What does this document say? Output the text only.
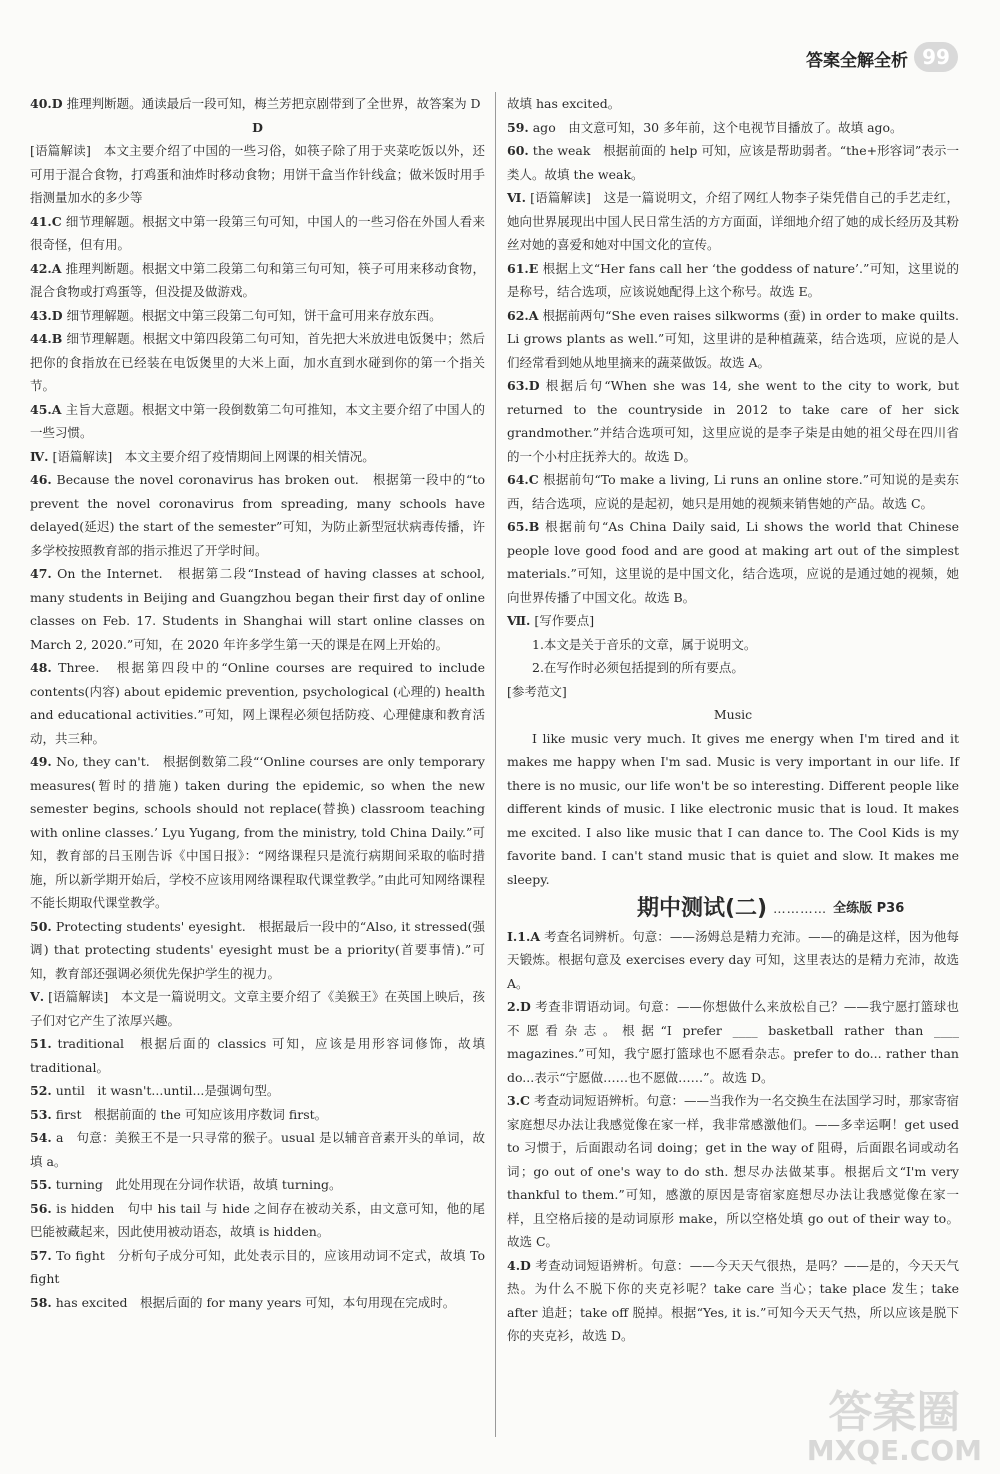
答案全解全析 99

40.D 推理判断题。通读最后一段可知，梅兰芳把京剧带到了全世界，故答案为 D

D

[语篇解读]　本文主要介绍了中国的一些习俗，如筷子除了用于夹菜吃饭以外，还可用于混合食物，打鸡蛋和油炸时移动食物；用饼干盒当作针线盒；做米饭时用手指测量加水的多少等

41.C 细节理解题。根据文中第一段第三句可知，中国人的一些习俗在外国人看来很奇怪，但有用。

42.A 推理判断题。根据文中第二段第二句和第三句可知，筷子可用来移动食物，混合食物或打鸡蛋等，但没提及做游戏。

43.D 细节理解题。根据文中第三段第二句可知，饼干盒可用来存放东西。

44.B 细节理解题。根据文中第四段第二句可知，首先把大米放进电饭煲中；然后把你的食指放在已经装在电饭煲里的大米上面，加水直到水碰到你的第一个指关节。

45.A 主旨大意题。根据文中第一段倒数第二句可推知，本文主要介绍了中国人的一些习惯。

Ⅳ. [语篇解读]　本文主要介绍了疫情期间上网课的相关情况。

46. Because the novel coronavirus has broken out.　根据第一段中的“to prevent the novel coronavirus from spreading, many schools have delayed(延迟) the start of the semester”可知，为防止新型冠状病毒传播，许多学校按照教育部的指示推迟了开学时间。

47. On the Internet.　根据第二段“Instead of having classes at school, many students in Beijing and Guangzhou began their first day of online classes on Feb. 17. Students in Shanghai will start online classes on March 2, 2020.”可知，在 2020 年许多学生第一天的课是在网上开始的。

48. Three.　根据第四段中的“Online courses are required to include contents(内容) about epidemic prevention, psychological (心理的) health and educational activities.”可知，网上课程必须包括防疫、心理健康和教育活动，共三种。

49. No, they can't.　根据倒数第二段“‘Online courses are only temporary measures(暂时的措施) taken during the epidemic, so when the new semester begins, schools should not replace(替换) classroom teaching with online classes.’ Lyu Yugang, from the ministry, told China Daily.”可知，教育部的吕玉刚告诉《中国日报》：“网络课程只是流行病期间采取的临时措施，所以新学期开始后，学校不应该用网络课程取代课堂教学。”由此可知网络课程不能长期取代课堂教学。

50. Protecting students' eyesight.　根据最后一段中的“Also, it stressed(强调) that protecting students' eyesight must be a priority(首要事情).”可知，教育部还强调必须优先保护学生的视力。

Ⅴ. [语篇解读]　本文是一篇说明文。文章主要介绍了《美猴王》在英国上映后，孩子们对它产生了浓厚兴趣。

51. traditional　根据后面的 classics 可知，应该是用形容词修饰，故填 traditional。

52. until　it wasn't...until...是强调句型。

53. first　根据前面的 the 可知应该用序数词 first。

54. a　句意：美猴王不是一只寻常的猴子。usual 是以辅音音素开头的单词，故填 a。

55. turning　此处用现在分词作状语，故填 turning。

56. is hidden　句中 his tail 与 hide 之间存在被动关系，由文意可知，他的尾巴能被藏起来，因此使用被动语态，故填 is hidden。

57. To fight　分析句子成分可知，此处表示目的，应该用动词不定式，故填 To fight

58. has excited　根据后面的 for many years 可知，本句用现在完成时。

故填 has excited。

59. ago　由文意可知，30 多年前，这个电视节目播放了。故填 ago。

60. the weak　根据前面的 help 可知，应该是帮助弱者。“the+形容词”表示一类人。故填 the weak。

Ⅵ. [语篇解读]　这是一篇说明文，介绍了网红人物李子柒凭借自己的手艺走红，她向世界展现出中国人民日常生活的方方面面，详细地介绍了她的成长经历及其粉丝对她的喜爱和她对中国文化的宣传。

61.E 根据上文“Her fans call her ‘the goddess of nature’.”可知，这里说的是称号，结合选项，应该说她配得上这个称号。故选 E。

62.A 根据前两句“She even raises silkworms (蚕) in order to make quilts. Li grows plants as well.”可知，这里讲的是种植蔬菜，结合选项，应说的是人们经常看到她从地里摘来的蔬菜做饭。故选 A。

63.D 根据后句“When she was 14, she went to the city to work, but returned to the countryside in 2012 to take care of her sick grandmother.”并结合选项可知，这里应说的是李子柒是由她的祖父母在四川省的一个小村庄抚养大的。故选 D。

64.C 根据前句“To make a living, Li runs an online store.”可知说的是卖东西，结合选项，应说的是起初，她只是用她的视频来销售她的产品。故选 C。

65.B 根据前句“As China Daily said, Li shows the world that Chinese people love good food and are good at making art out of the simplest materials.”可知，这里说的是中国文化，结合选项，应说的是通过她的视频，她向世界传播了中国文化。故选 B。

Ⅶ. [写作要点]

1.本文是关于音乐的文章，属于说明文。

2.在写作时必须包括提到的所有要点。

[参考范文]

Music

I like music very much. It gives me energy when I'm tired and it makes me happy when I'm sad. Music is very important in our life. If there is no music, our life won't be so interesting. Different people like different kinds of music. I like electronic music that is loud. It makes me excited. I also like music that I can dance to. The Cool Kids is my favorite band. I can't stand music that is quiet and slow. It makes me sleepy.

期中测试(二) ………… 全练版 P36

Ⅰ.1.A 考查名词辨析。句意：——汤姆总是精力充沛。——的确是这样，因为他每天锻炼。根据句意及 exercises every day 可知，这里表达的是精力充沛，故选 A。

2.D 考查非谓语动词。句意：——你想做什么来放松自己？——我宁愿打篮球也不愿看杂志。根据“I prefer ____ basketball rather than ____ magazines.”可知，我宁愿打篮球也不愿看杂志。prefer to do... rather than do...表示“宁愿做……也不愿做……”。故选 D。

3.C 考查动词短语辨析。句意：——当我作为一名交换生在法国学习时，那家寄宿家庭想尽办法让我感觉像在家一样，我非常感激他们。——多幸运啊！get used to 习惯于，后面跟动名词 doing；get in the way of 阻碍，后面跟名词或动名词；go out of one's way to do sth. 想尽办法做某事。根据后文“I'm very thankful to them.”可知，感激的原因是寄宿家庭想尽办法让我感觉像在家一样，且空格后接的是动词原形 make，所以空格处填 go out of their way to。故选 C。

4.D 考查动词短语辨析。句意：——今天天气很热，是吗？——是的，今天天气热。为什么不脱下你的夹克衫呢？take care 当心；take place 发生；take after 追赶；take off 脱掉。根据“Yes, it is.”可知今天天气热，所以应该是脱下你的夹克衫，故选 D。

答案圈
MXQE.COM
